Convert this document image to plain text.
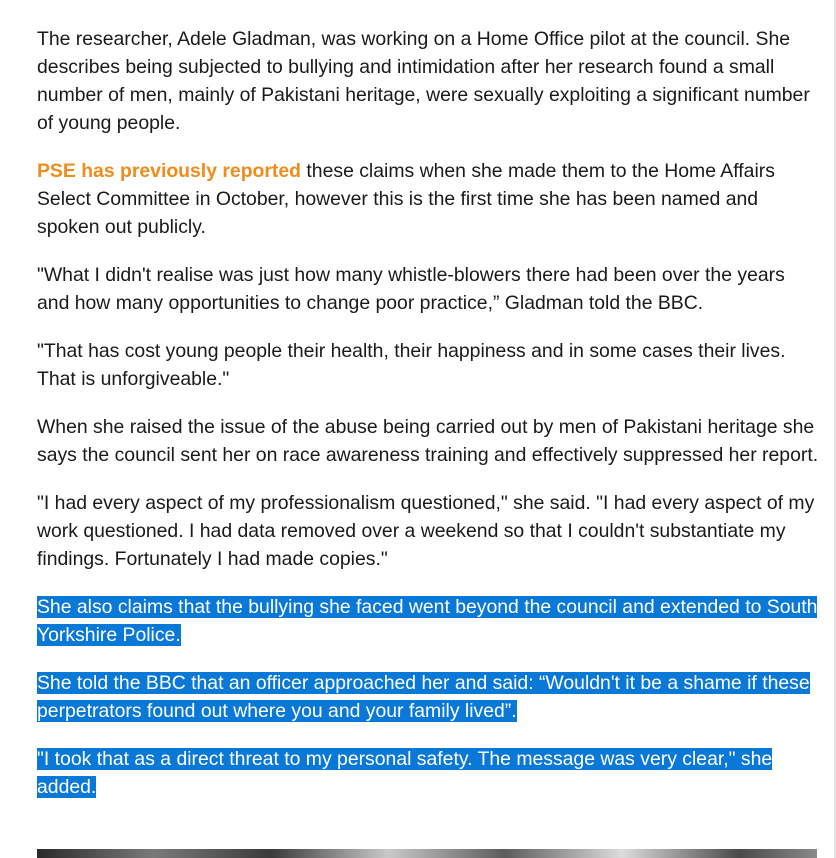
The researcher, Adele Gladman, was working on a Home Office pilot at the council. She describes being subjected to bullying and intimidation after her research found a small number of men, mainly of Pakistani heritage, were sexually exploiting a significant number of young people.

PSE has previously reported these claims when she made them to the Home Affairs Select Committee in October, however this is the first time she has been named and spoken out publicly.

"What I didn't realise was just how many whistle-blowers there had been over the years and how many opportunities to change poor practice,” Gladman told the BBC.

"That has cost young people their health, their happiness and in some cases their lives. That is unforgiveable."

When she raised the issue of the abuse being carried out by men of Pakistani heritage she says the council sent her on race awareness training and effectively suppressed her report.

"I had every aspect of my professionalism questioned," she said. "I had every aspect of my work questioned. I had data removed over a weekend so that I couldn't substantiate my findings. Fortunately I had made copies."

She also claims that the bullying she faced went beyond the council and extended to South Yorkshire Police.

She told the BBC that an officer approached her and said: “Wouldn't it be a shame if these perpetrators found out where you and your family lived”.

"I took that as a direct threat to my personal safety. The message was very clear," she added.
